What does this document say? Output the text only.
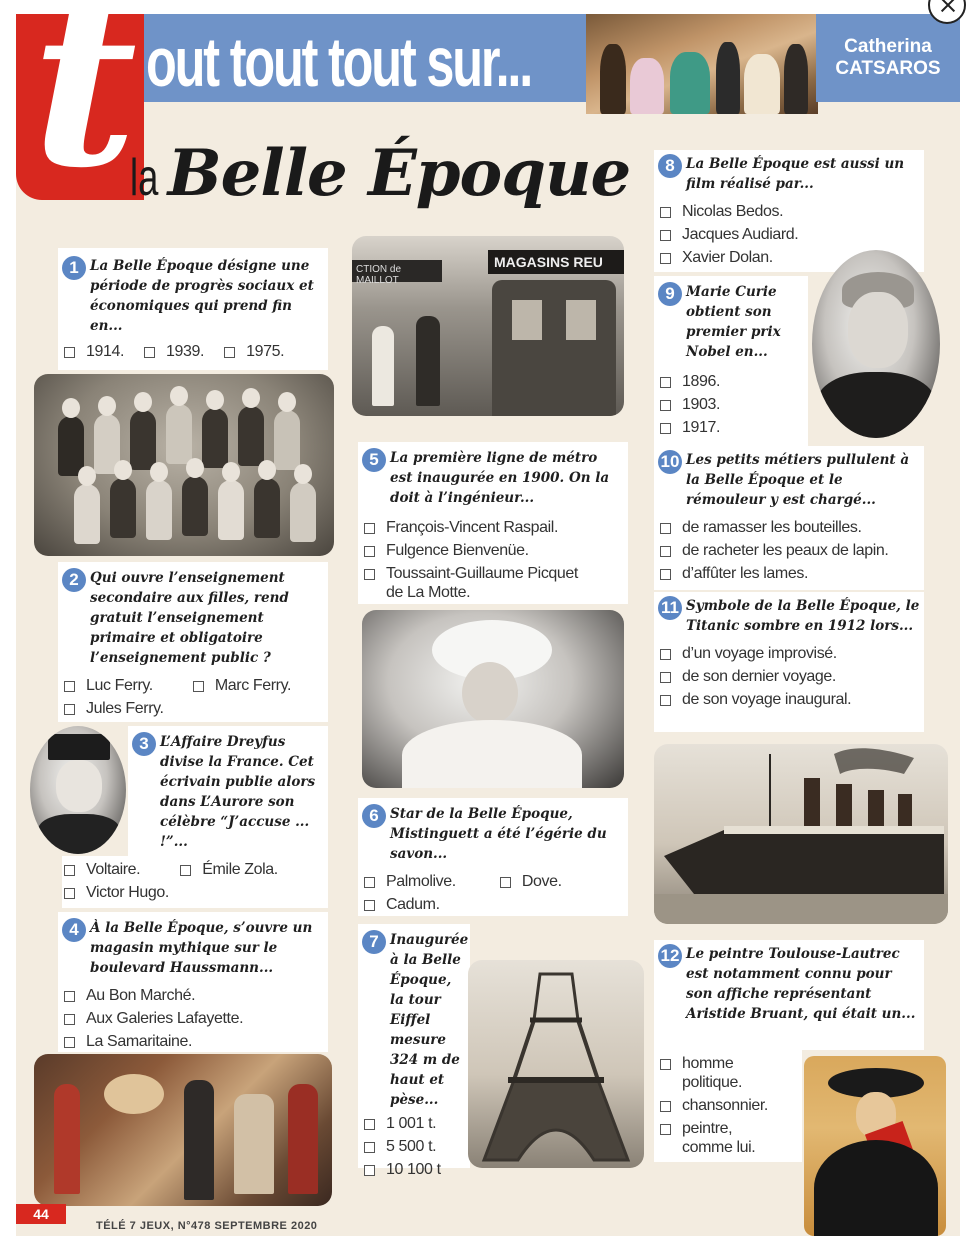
Catherina
CATSAROS
t out tout tout sur...
la Belle Époque
1 La Belle Époque désigne une période de progrès sociaux et économiques qui prend fin en...
1914.	1939.	1975.
2 Qui ouvre l’enseignement secondaire aux filles, rend gratuit l’enseignement primaire et obligatoire l’enseignement public ?
Luc Ferry.	Marc Ferry.
Jules Ferry.
3 L’Affaire Dreyfus divise la France. Cet écrivain publie alors dans L’Aurore son célèbre “J’accuse ... !”...
Voltaire.	Émile Zola.
Victor Hugo.
4 À la Belle Époque, s’ouvre un magasin mythique sur le boulevard Haussmann...
Au Bon Marché.
Aux Galeries Lafayette.
La Samaritaine.
CTION de MAILLOT
MAGASINS REU
5 La première ligne de métro est inaugurée en 1900. On la doit à l’ingénieur...
François-Vincent Raspail.
Fulgence Bienvenüe.
Toussaint-Guillaume Picquet
de La Motte.
6 Star de la Belle Époque, Mistinguett a été l’égérie du savon...
Palmolive.	Dove.
Cadum.
7 Inaugurée à la Belle Époque, la tour Eiffel mesure 324 m de haut et pèse...
1 001 t.
5 500 t.
10 100 t
8 La Belle Époque est aussi un film réalisé par...
Nicolas Bedos.
Jacques Audiard.
Xavier Dolan.
9 Marie Curie obtient son premier prix Nobel en...
1896.
1903.
1917.
10 Les petits métiers pullulent à la Belle Époque et le rémouleur y est chargé...
de ramasser les bouteilles.
de racheter les peaux de lapin.
d’affûter les lames.
11 Symbole de la Belle Époque, le Titanic sombre en 1912 lors...
d’un voyage improvisé.
de son dernier voyage.
de son voyage inaugural.
12 Le peintre Toulouse-Lautrec est notamment connu pour son affiche représentant Aristide Bruant, qui était un...
homme
politique.
chansonnier.
peintre,
comme lui.
TÉLÉ 7 JEUX, N°478 SEPTEMBRE 2020
44
